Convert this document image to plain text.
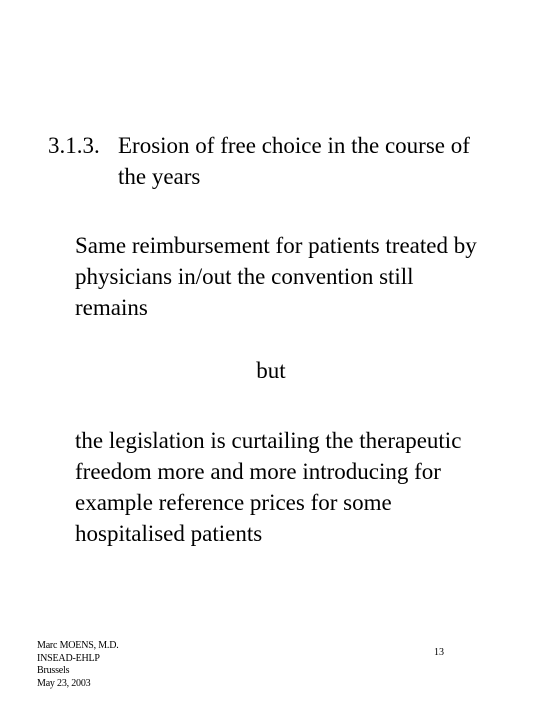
3.1.3. Erosion of free choice in the course of
the years
Same reimbursement for patients treated by
physicians in/out the convention still
remains
but
the legislation is curtailing the therapeutic
freedom more and more introducing for
example reference prices for some
hospitalised patients
Marc MOENS, M.D.
INSEAD-EHLP
Brussels
May 23, 2003
13
